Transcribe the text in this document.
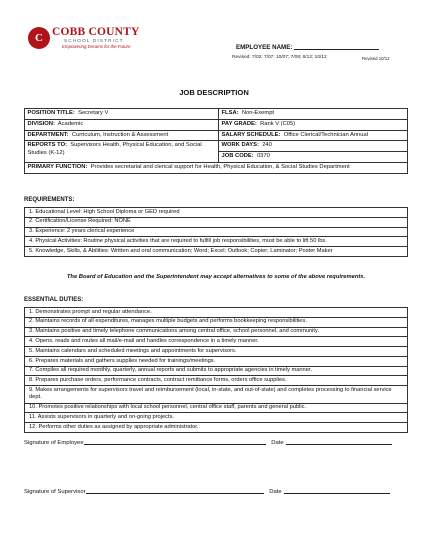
C COBB COUNTY
SCHOOL DISTRICT
Empowering Dreams for the Future	EMPLOYEE NAME:
Revised: 7/02; 7/07; 10/07; 7/08; 8/12; 10/12	Revised 10/12
JOB DESCRIPTION
POSITION TITLE: Secretary V	FLSA: Non-Exempt
DIVISION: Academic	PAY GRADE: Rank V (C05)
DEPARTMENT: Curriculum, Instruction & Assessment	SALARY SCHEDULE: Office Clerical/Technician Annual
REPORTS TO: Supervisors Health, Physical Education, and Social Studies (K-12)	WORK DAYS: 240
	JOB CODE: 0370
PRIMARY FUNCTION: Provides secretarial and clerical support for Health, Physical Education, & Social Studies Department	
REQUIREMENTS:
1. Educational Level: High School Diploma or GED required
2. Certification/License Required: NONE
3. Experience: 2 years clerical experience
4. Physical Activities: Routine physical activities that are required to fulfill job responsibilities, must be able to lift 50 lbs.
5. Knowledge, Skills, & Abilities: Written and oral communication; Word; Excel; Outlook; Copier; Laminator; Poster Maker
The Board of Education and the Superintendent may accept alternatives to some of the above requirements.
ESSENTIAL DUTIES:
1. Demonstrates prompt and regular attendance.
2. Maintains records of all expenditures, manages multiple budgets and performs bookkeeping responsibilities.
3. Maintains positive and timely telephone communications among central office, school personnel, and community.
4. Opens, reads and routes all mail/e-mail and handles correspondence in a timely manner.
5. Maintains calendars and scheduled meetings and appointments for supervisors.
6. Prepares materials and gathers supplies needed for trainings/meetings.
7. Compiles all required monthly, quarterly, annual reports and submits to appropriate agencies in timely manner.
8. Prepares purchase orders, performance contracts, contract remittance forms, orders office supplies.
9. Makes arrangements for supervisors travel and reimbursement (local, in-state, and out-of-state) and completes processing to financial service dept.
10. Promotes positive relationships with local school personnel, central office staff, parents and general public.
11. Assists supervisors in quarterly and on-going projects.
12. Performs other duties as assigned by appropriate administrator.
Signature of Employee	Date
Signature of Supervisor	Date
